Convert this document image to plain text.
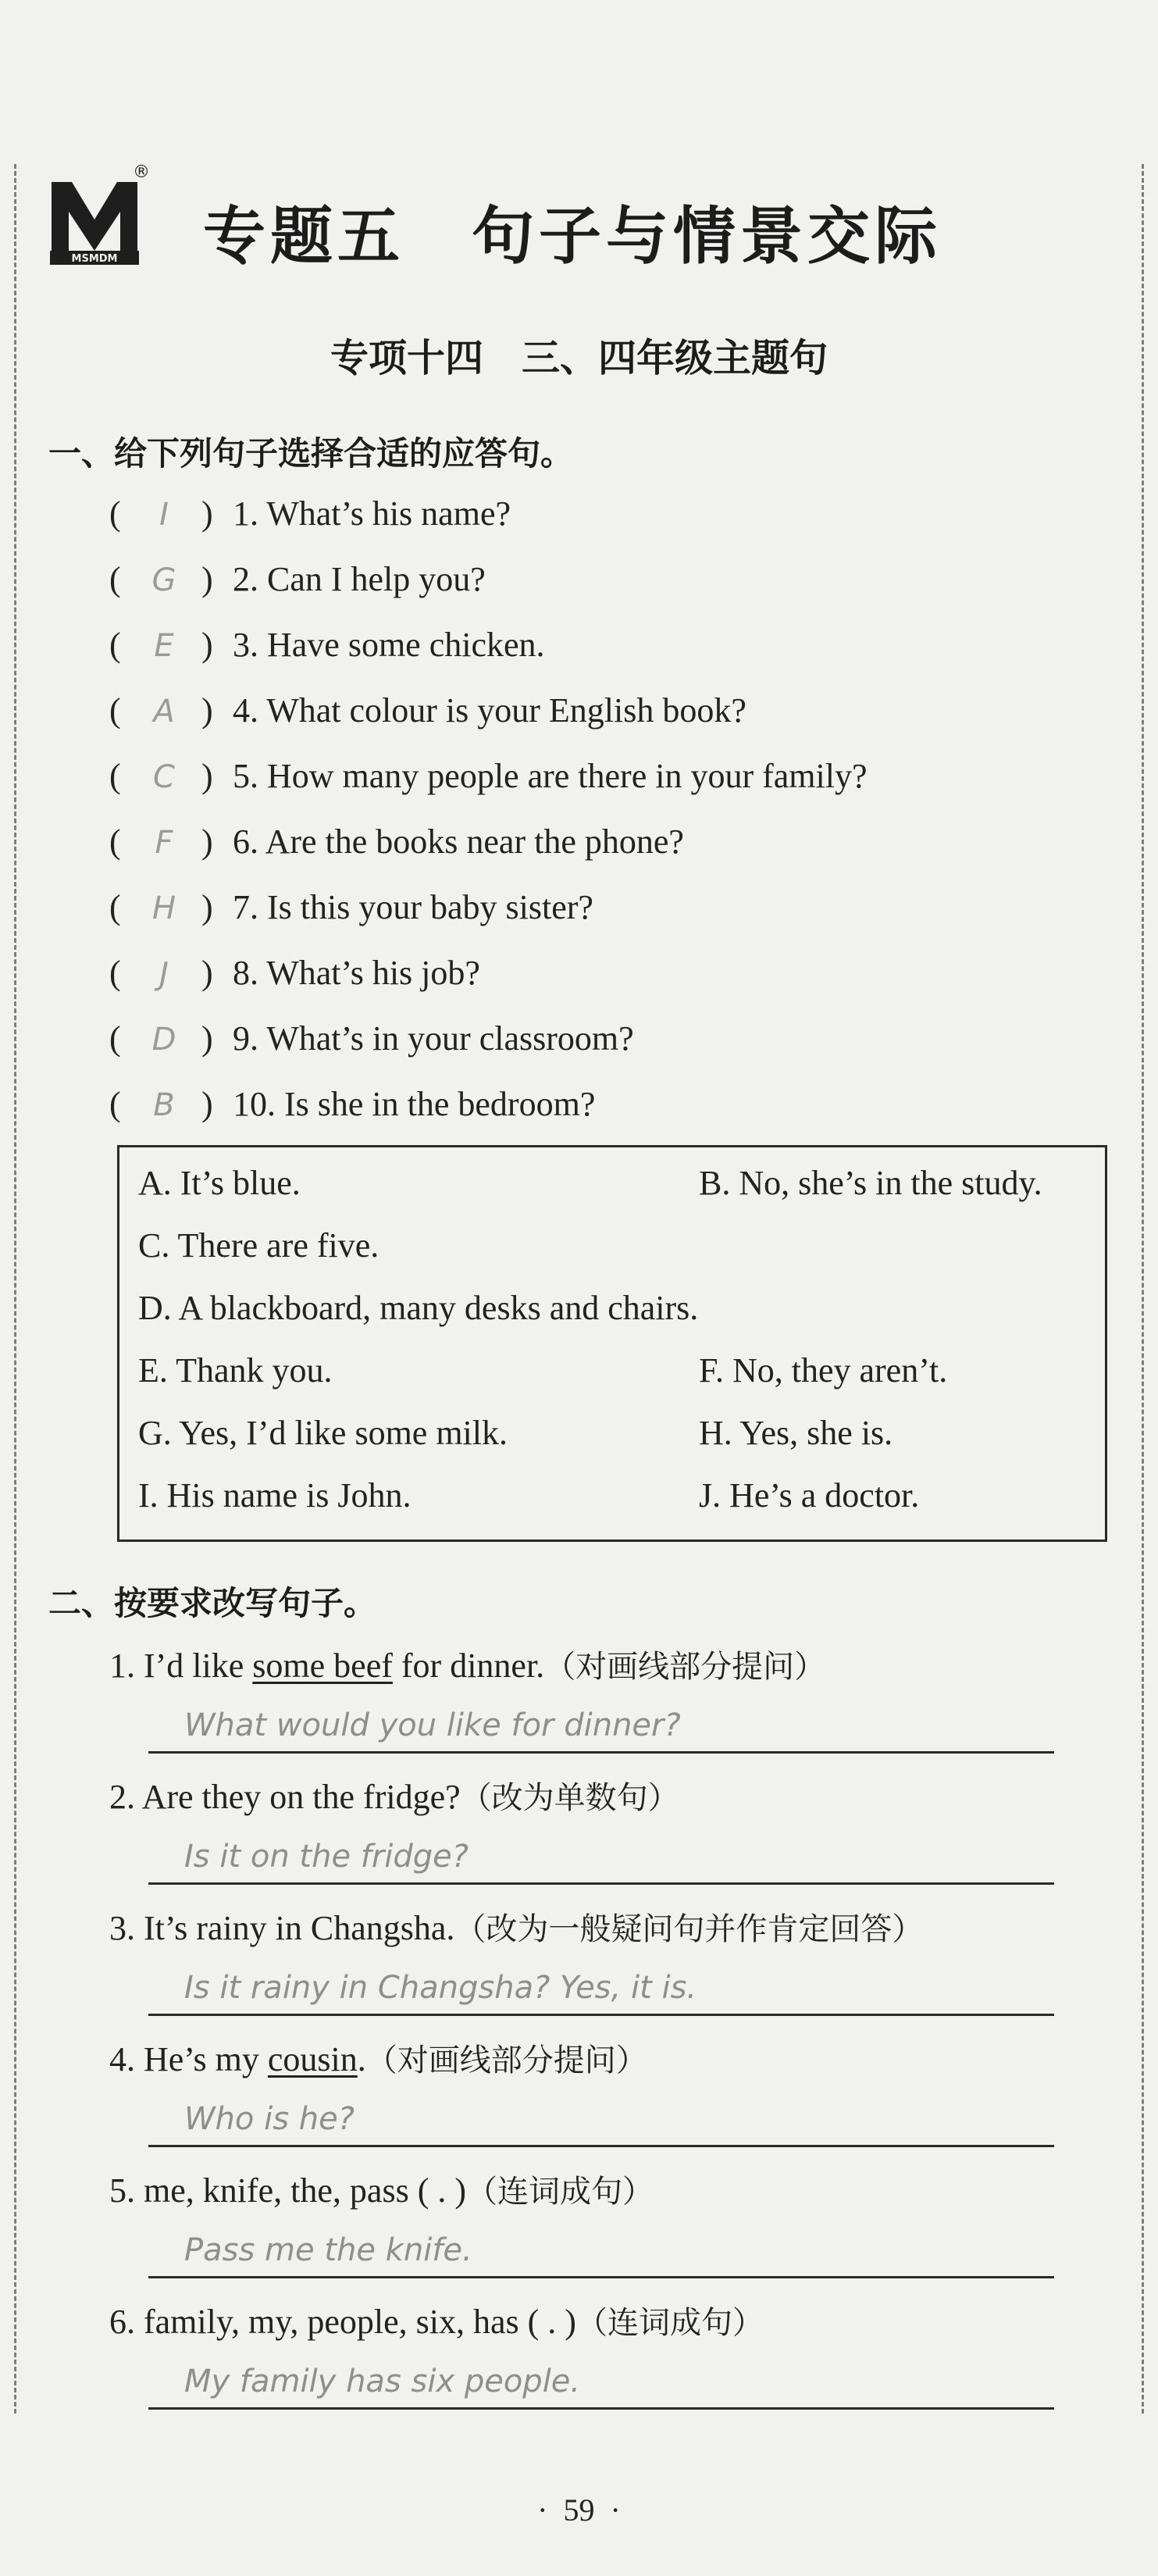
MSMDM
®
专题五　句子与情景交际
专项十四　三、四年级主题句
一、给下列句子选择合适的应答句。
(	I ) 1. What’s his name?
( G ) 2. Can I help you?
(	E ) 3. Have some chicken.
(	A ) 4. What colour is your English book?
(	C ) 5. How many people are there in your family?
(	F ) 6. Are the books near the phone?
(	H ) 7. Is this your baby sister?
(	J ) 8. What’s his job?
( D ) 9. What’s in your classroom?
(	B ) 10. Is she in the bedroom?
A. It’s blue.	B. No, she’s in the study.
C. There are five.
D. A blackboard, many desks and chairs.
E. Thank you.	F. No, they aren’t.
G. Yes, I’d like some milk.	H. Yes, she is.
I. His name is John.	J. He’s a doctor.
二、按要求改写句子。
1. I’d like some beef for dinner.（对画线部分提问）
What would you like for dinner?
2. Are they on the fridge?（改为单数句）
Is it on the fridge?
3. It’s rainy in Changsha.（改为一般疑问句并作肯定回答）
Is it rainy in Changsha? Yes, it is.
4. He’s my cousin.（对画线部分提问）
Who is he?
5. me, knife, the, pass ( . )（连词成句）
Pass me the knife.
6. family, my, people, six, has ( . )（连词成句）
My family has six people.
·  59  ·
